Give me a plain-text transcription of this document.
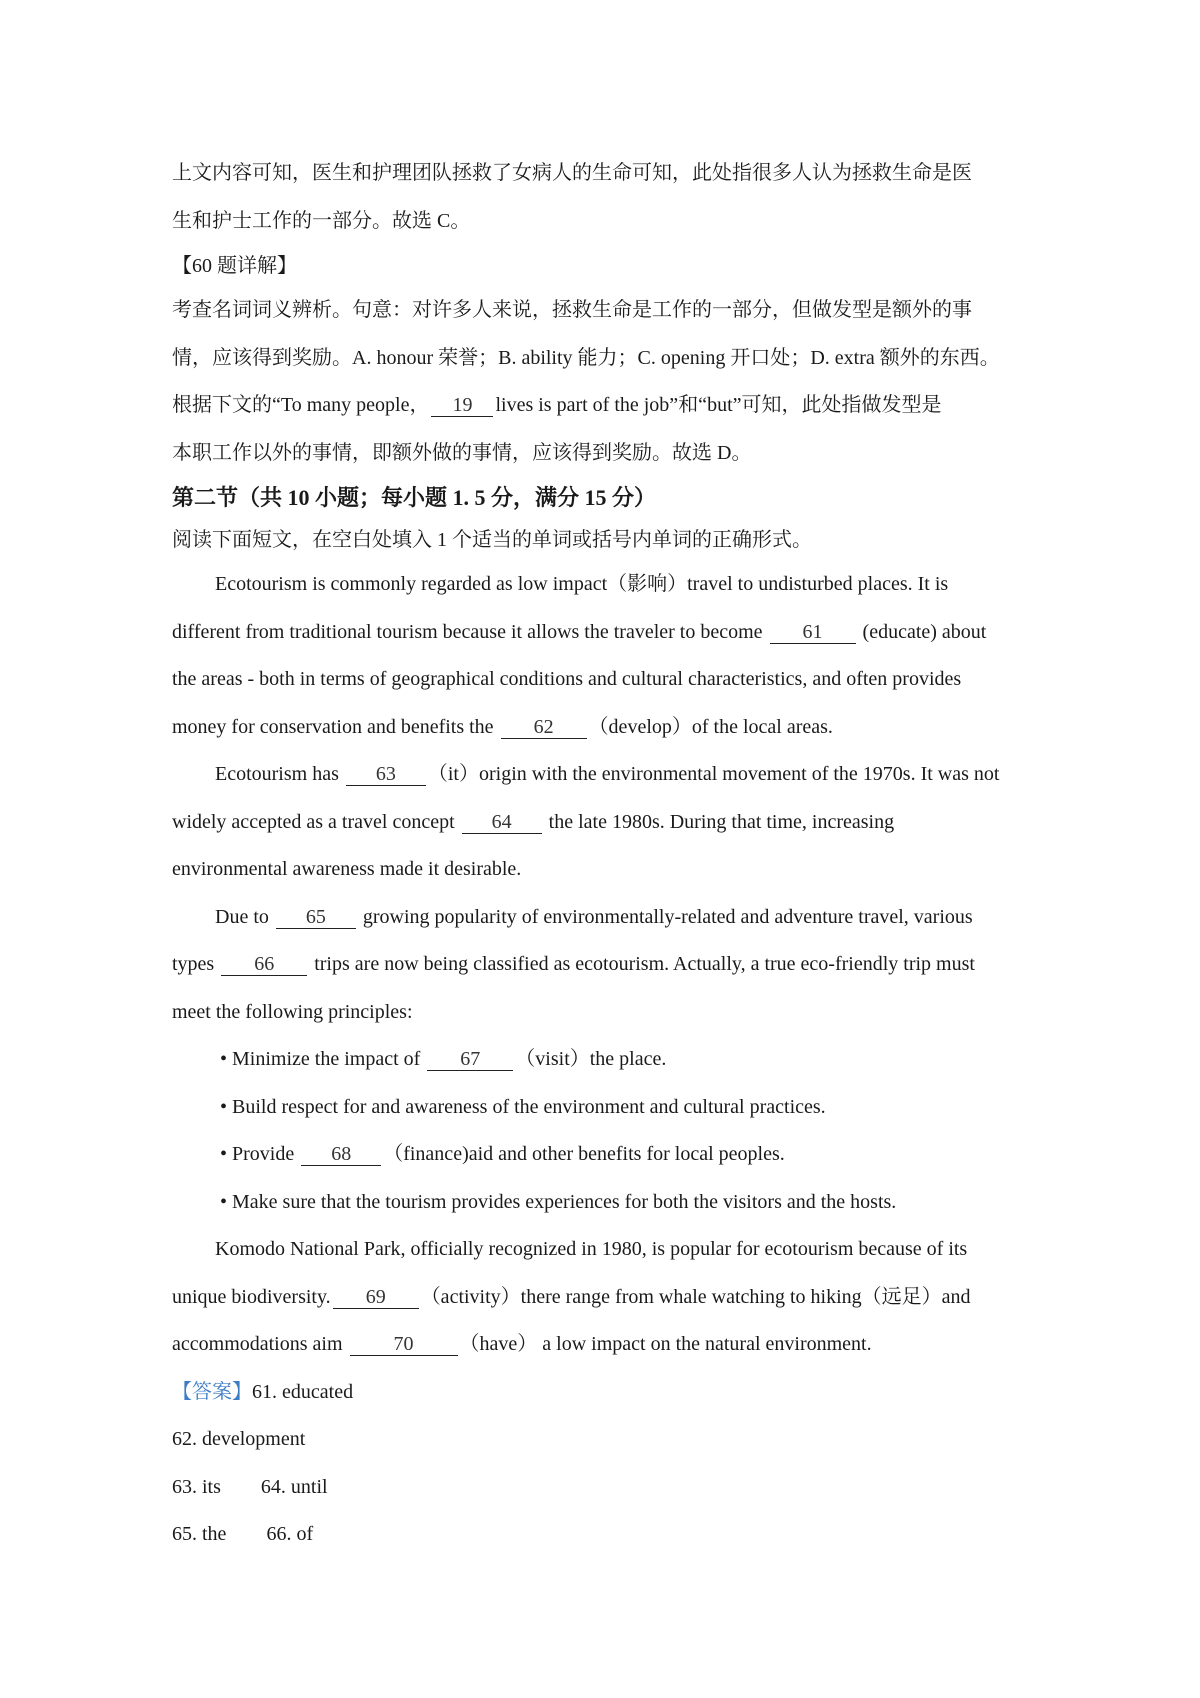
上文内容可知，医生和护理团队拯救了女病人的生命可知，此处指很多人认为拯救生命是医
生和护士工作的一部分。故选 C。
【60 题详解】
考查名词词义辨析。句意：对许多人来说，拯救生命是工作的一部分，但做发型是额外的事
情，应该得到奖励。A. honour 荣誉；B. ability 能力；C. opening 开口处；D. extra 额外的东西。
根据下文的“To many people， 19 lives is part of the job”和“but”可知，此处指做发型是
本职工作以外的事情，即额外做的事情，应该得到奖励。故选 D。
第二节（共 10 小题；每小题 1. 5 分，满分 15 分）
阅读下面短文，在空白处填入 1 个适当的单词或括号内单词的正确形式。
Ecotourism is commonly regarded as low impact（影响）travel to undisturbed places. It is
different from traditional tourism because it allows the traveler to become 61 (educate) about
the areas - both in terms of geographical conditions and cultural characteristics, and often provides
money for conservation and benefits the 62 （develop）of the local areas.
Ecotourism has 63 （it）origin with the environmental movement of the 1970s. It was not
widely accepted as a travel concept 64 the late 1980s. During that time, increasing
environmental awareness made it desirable.
Due to 65 growing popularity of environmentally-related and adventure travel, various
types 66 trips are now being classified as ecotourism. Actually, a true eco-friendly trip must
meet the following principles:
• Minimize the impact of 67 （visit）the place.
• Build respect for and awareness of the environment and cultural practices.
• Provide 68 （finance)aid and other benefits for local peoples.
• Make sure that the tourism provides experiences for both the visitors and the hosts.
Komodo National Park, officially recognized in 1980, is popular for ecotourism because of its
unique biodiversity. 69 （activity）there range from whale watching to hiking（远足）and
accommodations aim 70 （have） a low impact on the natural environment.
【答案】61. educated
62. development
63. its 64. until
65. the 66. of
